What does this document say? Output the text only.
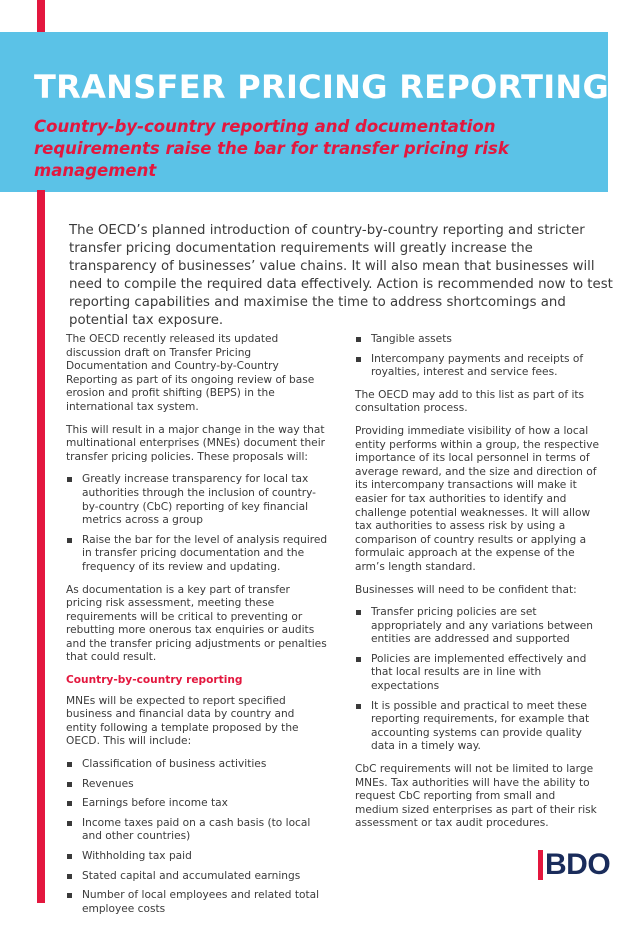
TRANSFER PRICING REPORTING
Country-by-country reporting and documentation requirements raise the bar for transfer pricing risk management

The OECD’s planned introduction of country-by-country reporting and stricter transfer pricing documentation requirements will greatly increase the transparency of businesses’ value chains. It will also mean that businesses will need to compile the required data effectively. Action is recommended now to test reporting capabilities and maximise the time to address shortcomings and potential tax exposure.

The OECD recently released its updated discussion draft on Transfer Pricing Documentation and Country-by-Country Reporting as part of its ongoing review of base erosion and profit shifting (BEPS) in the international tax system.

This will result in a major change in the way that multinational enterprises (MNEs) document their transfer pricing policies. These proposals will:

Greatly increase transparency for local tax authorities through the inclusion of country-by-country (CbC) reporting of key financial metrics across a group
Raise the bar for the level of analysis required in transfer pricing documentation and the frequency of its review and updating.

As documentation is a key part of transfer pricing risk assessment, meeting these requirements will be critical to preventing or rebutting more onerous tax enquiries or audits and the transfer pricing adjustments or penalties that could result.

Country-by-country reporting

MNEs will be expected to report specified business and financial data by country and entity following a template proposed by the OECD. This will include:

Classification of business activities
Revenues
Earnings before income tax
Income taxes paid on a cash basis (to local and other countries)
Withholding tax paid
Stated capital and accumulated earnings
Number of local employees and related total employee costs
Tangible assets
Intercompany payments and receipts of royalties, interest and service fees.

The OECD may add to this list as part of its consultation process.

Providing immediate visibility of how a local entity performs within a group, the respective importance of its local personnel in terms of average reward, and the size and direction of its intercompany transactions will make it easier for tax authorities to identify and challenge potential weaknesses. It will allow tax authorities to assess risk by using a comparison of country results or applying a formulaic approach at the expense of the arm’s length standard.

Businesses will need to be confident that:

Transfer pricing policies are set appropriately and any variations between entities are addressed and supported
Policies are implemented effectively and that local results are in line with expectations
It is possible and practical to meet these reporting requirements, for example that accounting systems can provide quality data in a timely way.

CbC requirements will not be limited to large MNEs. Tax authorities will have the ability to request CbC reporting from small and medium sized enterprises as part of their risk assessment or tax audit procedures.

BDO
